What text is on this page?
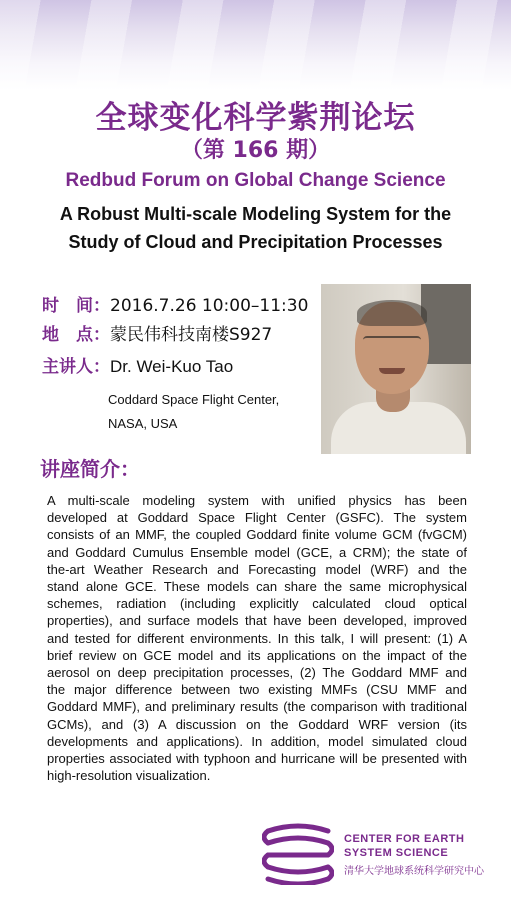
全球变化科学紫荆论坛
（第 166 期）
Redbud Forum on Global Change Science
A Robust Multi-scale Modeling System for the
Study of Cloud and Precipitation Processes
时　间：2016.7.26 10:00–11:30
地　点：蒙民伟科技南楼S927
主讲人：Dr. Wei-Kuo Tao
Coddard Space Flight Center,
NASA, USA
讲座简介：
A multi-scale modeling system with unified physics has been
developed at Goddard Space Flight Center (GSFC). The system
consists of an MMF, the coupled Goddard finite volume GCM (fvGCM)
and Goddard Cumulus Ensemble model (GCE, a CRM); the state of
the-art Weather Research and Forecasting model (WRF) and the
stand alone GCE. These models can share the same microphysical
schemes, radiation (including explicitly calculated cloud optical
properties), and surface models that have been developed, improved
and tested for different environments. In this talk, I will present: (1) A
brief review on GCE model and its applications on the impact of the
aerosol on deep precipitation processes, (2) The Goddard MMF and
the major difference between two existing MMFs (CSU MMF and
Goddard MMF), and preliminary results (the comparison with traditional
GCMs), and (3) A discussion on the Goddard WRF version (its
developments and applications). In addition, model simulated cloud
properties associated with typhoon and hurricane will be presented with
high-resolution visualization.
CENTER FOR EARTH
SYSTEM SCIENCE
清华大学地球系统科学研究中心
